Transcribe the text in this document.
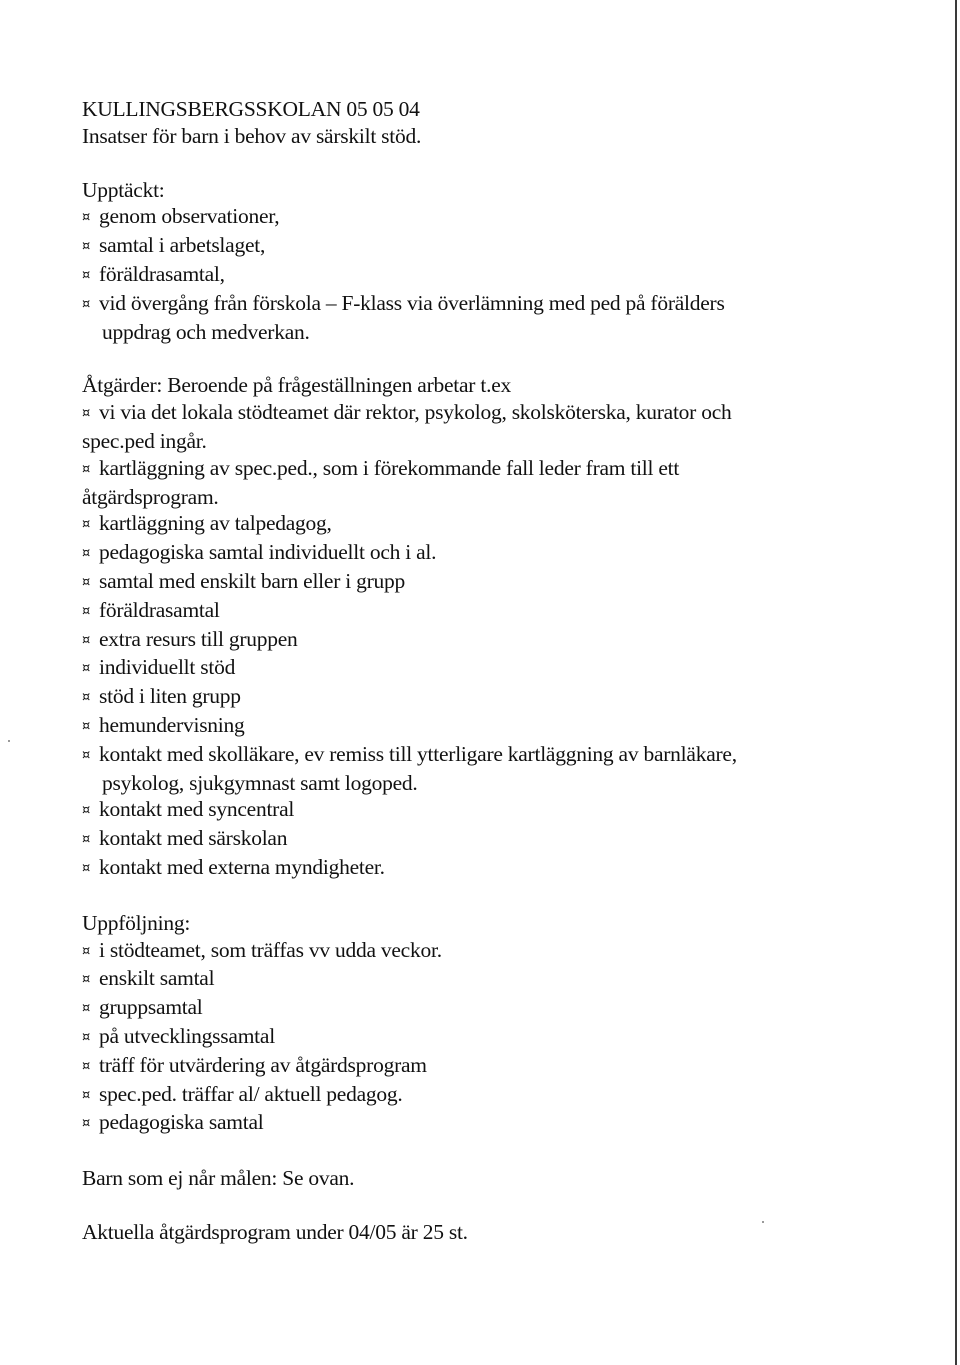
KULLINGSBERGSSKOLAN 05 05 04
Insatser för barn i behov av särskilt stöd.
Upptäckt:
¤ genom observationer,
¤ samtal i arbetslaget,
¤ föräldrasamtal,
¤ vid övergång från förskola – F-klass via överlämning med ped på förälders
uppdrag och medverkan.
Åtgärder: Beroende på frågeställningen arbetar t.ex
¤ vi via det lokala stödteamet där rektor, psykolog, skolsköterska, kurator och
spec.ped ingår.
¤ kartläggning av spec.ped., som i förekommande fall leder fram till ett
åtgärdsprogram.
¤ kartläggning av talpedagog,
¤ pedagogiska samtal individuellt och i al.
¤ samtal med enskilt barn eller i grupp
¤ föräldrasamtal
¤ extra resurs till gruppen
¤ individuellt stöd
¤ stöd i liten grupp
¤ hemundervisning
¤ kontakt med skolläkare, ev remiss till ytterligare kartläggning av barnläkare,
psykolog, sjukgymnast samt logoped.
¤ kontakt med syncentral
¤ kontakt med särskolan
¤ kontakt med externa myndigheter.
Uppföljning:
¤ i stödteamet, som träffas vv udda veckor.
¤ enskilt samtal
¤ gruppsamtal
¤ på utvecklingssamtal
¤ träff för utvärdering av åtgärdsprogram
¤ spec.ped. träffar al/ aktuell pedagog.
¤ pedagogiska samtal
Barn som ej når målen: Se ovan.
Aktuella åtgärdsprogram under 04/05 är 25 st.
